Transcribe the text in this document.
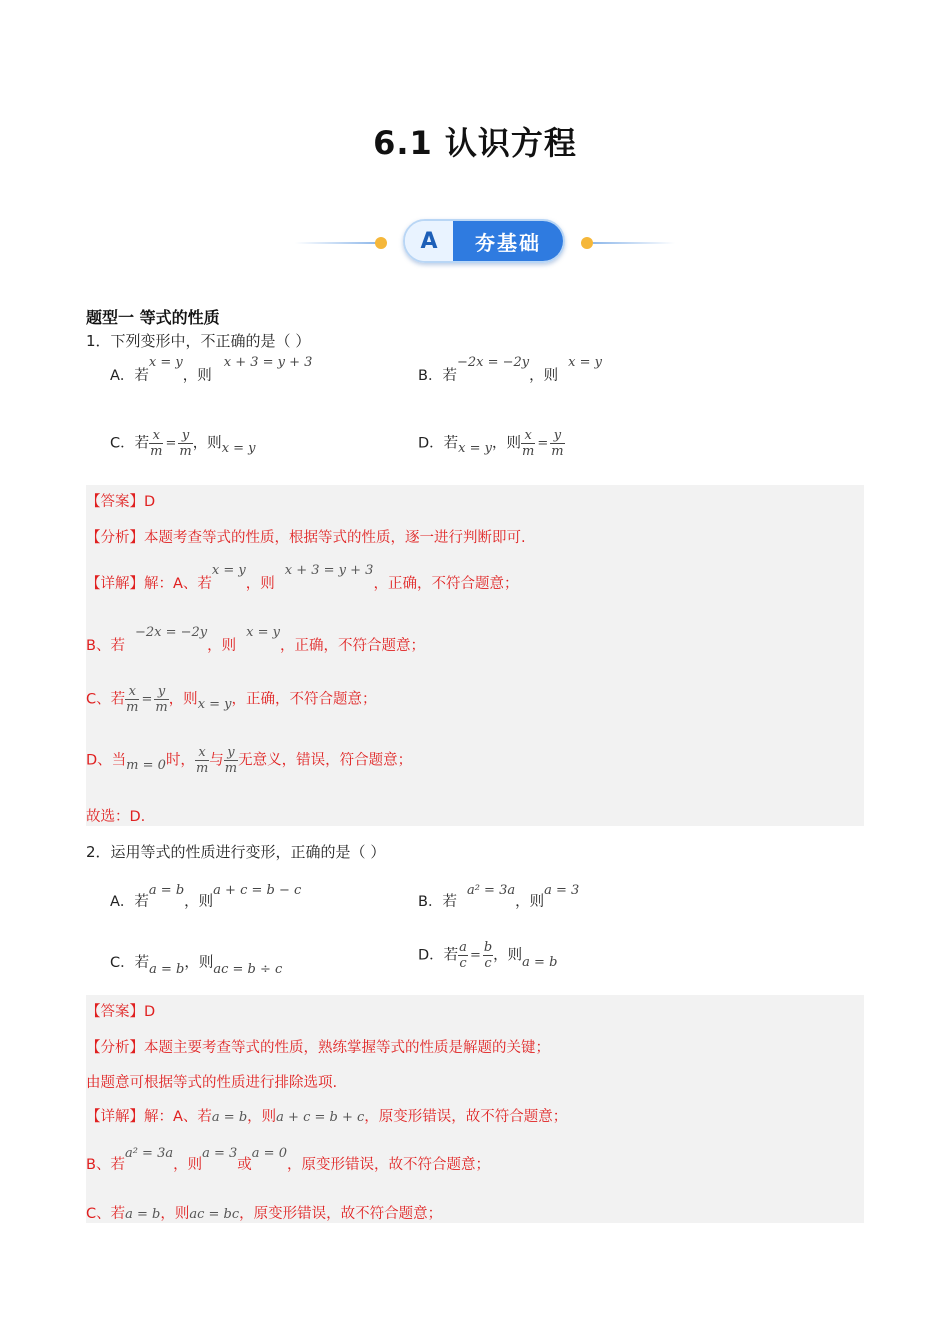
6.1 认识方程
A	夯基础
题型一 等式的性质
1．下列变形中，不正确的是（ ）
A．若x = y，则x + 3 = y + 3
B．若−2x = −2y，则x = y
C．若 $\frac{x}{m} = \frac{y}{m}$ ，则x = y	D．若x = y，则 $\frac{x}{m} = \frac{y}{m}$
【答案】D
【分析】本题考查等式的性质，根据等式的性质，逐一进行判断即可.
【详解】解：A、若x = y，则x + 3 = y + 3，正确，不符合题意；
B、若−2x = −2y，则x = y，正确，不符合题意；
C、若 $\frac{x}{m} = \frac{y}{m}$ ，则x = y，正确，不符合题意；
D、当m = 0时， $\frac{x}{m}$ 与 $\frac{y}{m}$ 无意义，错误，符合题意；
故选：D.
2．运用等式的性质进行变形，正确的是（ ）
A．若a = b，则a + c = b − c
B．若a² = 3a，则a = 3
C．若a = b，则ac = b ÷ c
D．若 $\frac{a}{c} = \frac{b}{c}$ ，则a = b
【答案】D
【分析】本题主要考查等式的性质，熟练掌握等式的性质是解题的关键；
由题意可根据等式的性质进行排除选项.
【详解】解：A、若a = b，则a + c = b + c，原变形错误，故不符合题意；
B、若a² = 3a，则a = 3或a = 0，原变形错误，故不符合题意；
C、若a = b，则ac = bc，原变形错误，故不符合题意；
